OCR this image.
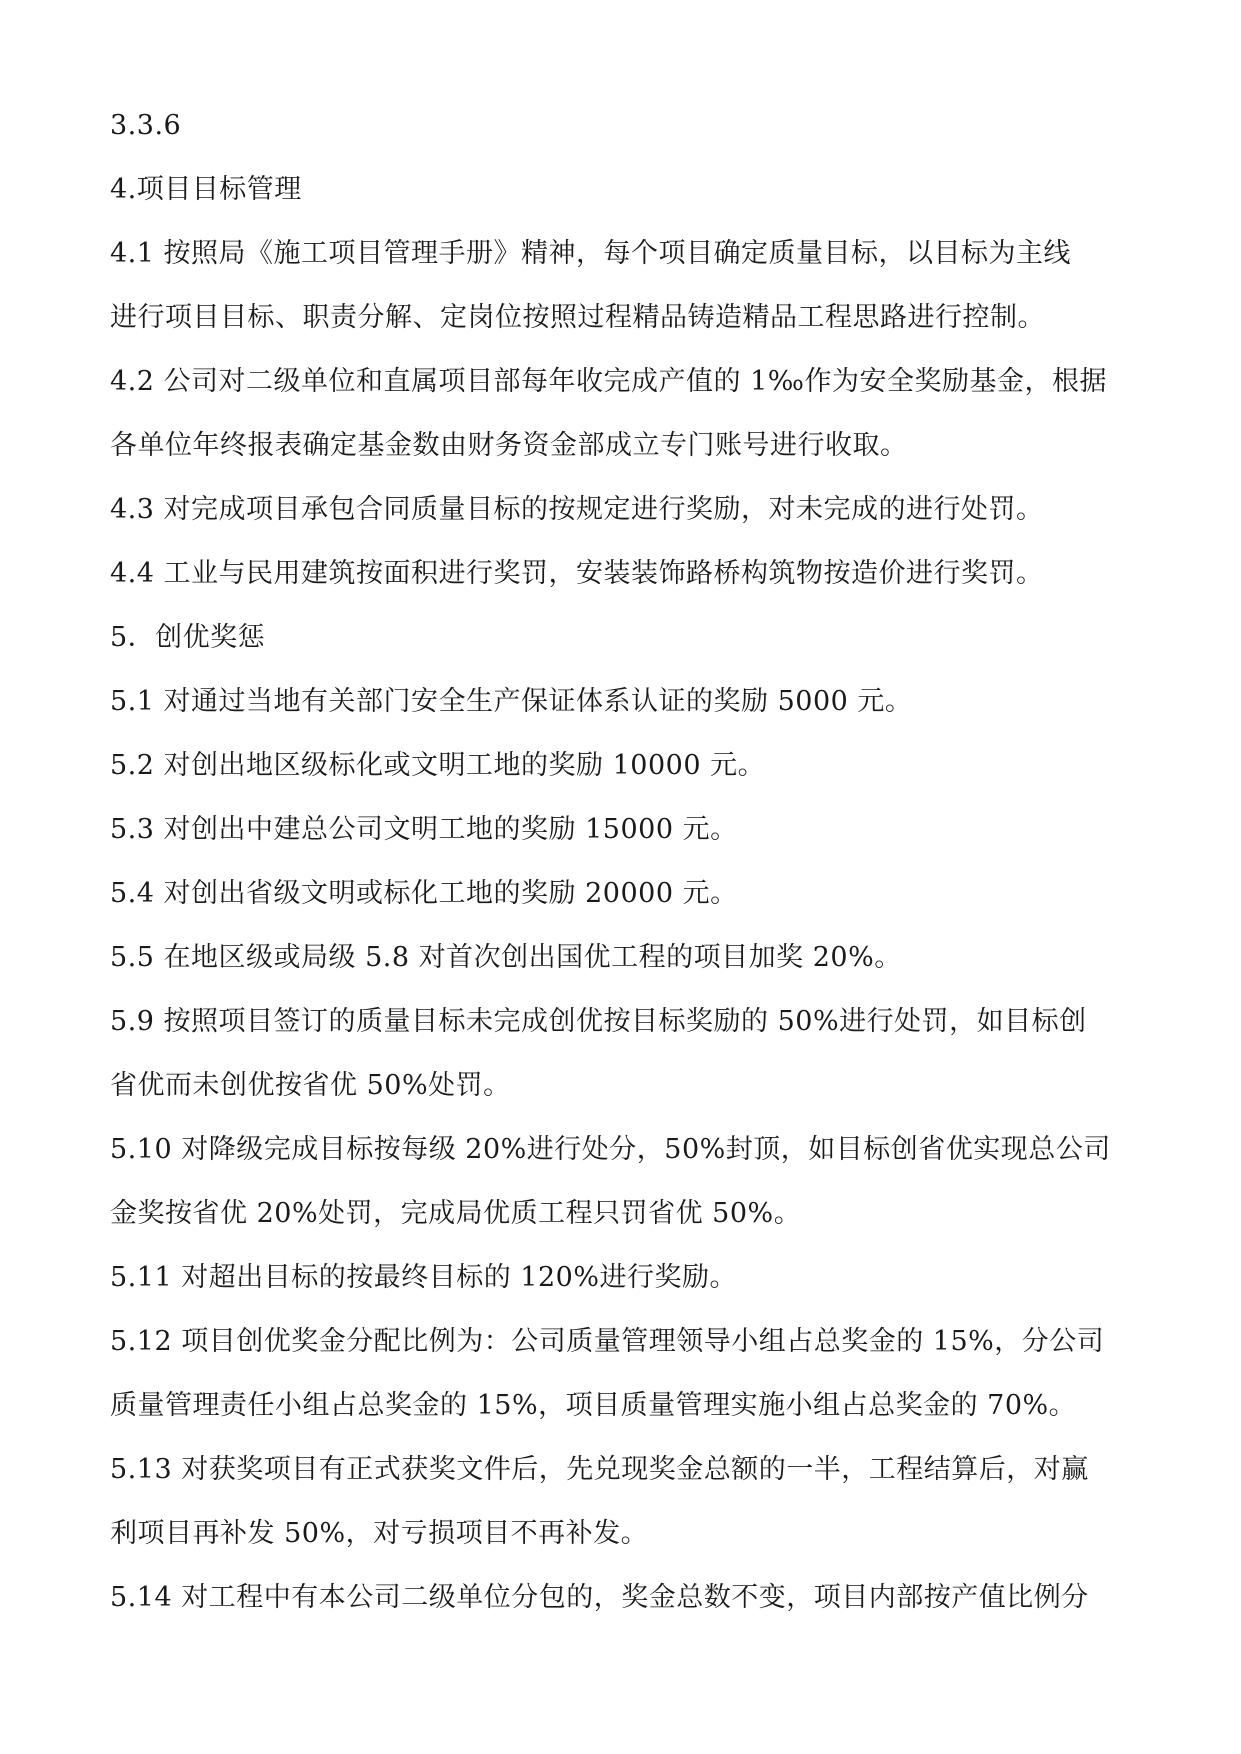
3.3.6
4.项目目标管理
4.1 按照局《施工项目管理手册》精神，每个项目确定质量目标，以目标为主线
进行项目目标、职责分解、定岗位按照过程精品铸造精品工程思路进行控制。
4.2 公司对二级单位和直属项目部每年收完成产值的 1‰作为安全奖励基金，根据
各单位年终报表确定基金数由财务资金部成立专门账号进行收取。
4.3 对完成项目承包合同质量目标的按规定进行奖励，对未完成的进行处罚。
4.4 工业与民用建筑按面积进行奖罚，安装装饰路桥构筑物按造价进行奖罚。
5．创优奖惩
5.1 对通过当地有关部门安全生产保证体系认证的奖励 5000 元。
5.2 对创出地区级标化或文明工地的奖励 10000 元。
5.3 对创出中建总公司文明工地的奖励 15000 元。
5.4 对创出省级文明或标化工地的奖励 20000 元。
5.5 在地区级或局级 5.8 对首次创出国优工程的项目加奖 20%。
5.9 按照项目签订的质量目标未完成创优按目标奖励的 50%进行处罚，如目标创
省优而未创优按省优 50%处罚。
5.10 对降级完成目标按每级 20%进行处分，50%封顶，如目标创省优实现总公司
金奖按省优 20%处罚，完成局优质工程只罚省优 50%。
5.11 对超出目标的按最终目标的 120%进行奖励。
5.12 项目创优奖金分配比例为：公司质量管理领导小组占总奖金的 15%，分公司
质量管理责任小组占总奖金的 15%，项目质量管理实施小组占总奖金的 70%。
5.13 对获奖项目有正式获奖文件后，先兑现奖金总额的一半，工程结算后，对赢
利项目再补发 50%，对亏损项目不再补发。
5.14 对工程中有本公司二级单位分包的，奖金总数不变，项目内部按产值比例分
